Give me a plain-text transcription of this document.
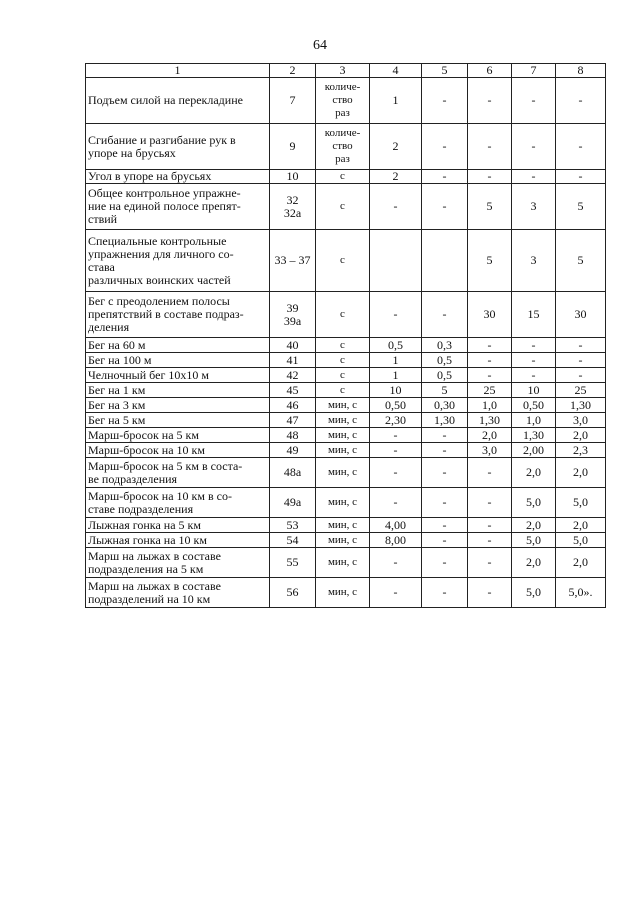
64
1	2	3	4	5	6	7	8
Подъем силой на перекладине	7	количе-
ство
раз	1	-	-	-	-
Сгибание и разгибание рук в упоре на брусьях	9	количе-
ство
раз	2	-	-	-	-
Угол в упоре на брусьях	10	с	2	-	-	-	-
Общее контрольное упражне-
ние на единой полосе препят-
ствий	32
32а	с	-	-	5	3	5
Специальные контрольные
упражнения для личного со-
става
различных воинских частей	33 – 37	с			5	3	5
Бег с преодолением полосы
препятствий в составе подраз-
деления	39
39а	с	-	-	30	15	30
Бег на 60 м	40	с	0,5	0,3	-	-	-
Бег на 100 м	41	с	1	0,5	-	-	-
Челночный бег 10х10 м	42	с	1	0,5	-	-	-
Бег на 1 км	45	с	10	5	25	10	25
Бег на 3 км	46	мин, с	0,50	0,30	1,0	0,50	1,30
Бег на 5 км	47	мин, с	2,30	1,30	1,30	1,0	3,0
Марш-бросок на 5 км	48	мин, с	-	-	2,0	1,30	2,0
Марш-бросок на 10 км	49	мин, с	-	-	3,0	2,00	2,3
Марш-бросок на 5 км в соста-
ве подразделения	48а	мин, с	-	-	-	2,0	2,0
Марш-бросок на 10 км в со-
ставе подразделения	49а	мин, с	-	-	-	5,0	5,0
Лыжная гонка на 5 км	53	мин, с	4,00	-	-	2,0	2,0
Лыжная гонка на 10 км	54	мин, с	8,00	-	-	5,0	5,0
Марш на лыжах в составе
подразделения на 5 км	55	мин, с	-	-	-	2,0	2,0
Марш на лыжах в составе
подразделений на 10 км	56	мин, с	-	-	-	5,0	5,0».
